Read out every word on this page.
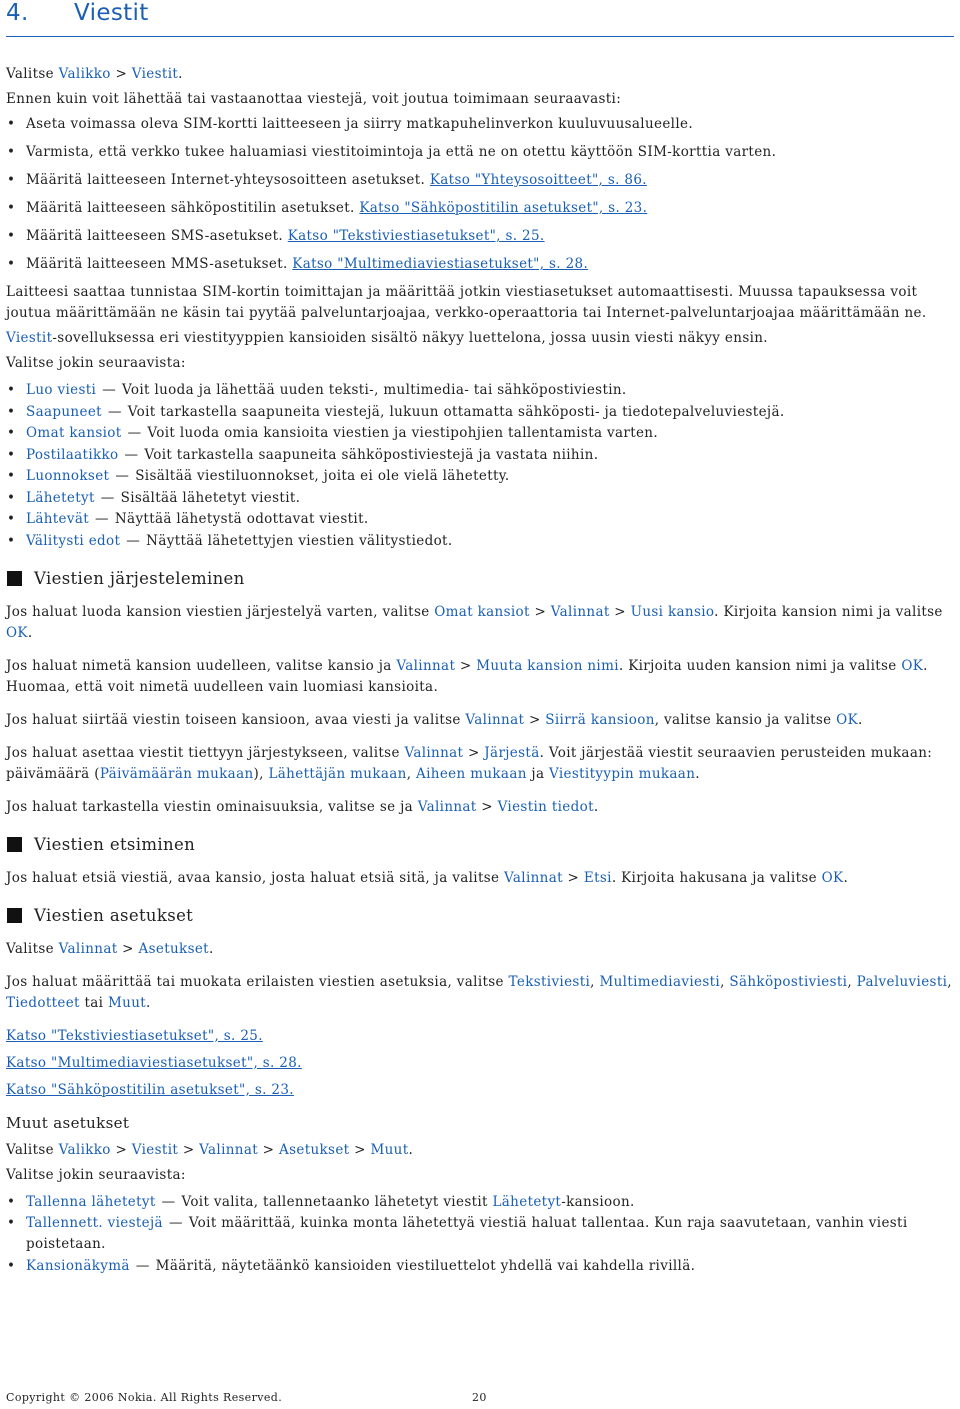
4. Viestit

Valitse Valikko > Viestit.

Ennen kuin voit lähettää tai vastaanottaa viestejä, voit joutua toimimaan seuraavasti:

• Aseta voimassa oleva SIM-kortti laitteeseen ja siirry matkapuhelinverkon kuuluvuusalueelle.
• Varmista, että verkko tukee haluamiasi viestitoimintoja ja että ne on otettu käyttöön SIM-korttia varten.
• Määritä laitteeseen Internet-yhteysosoitteen asetukset. Katso "Yhteysosoitteet", s. 86.
• Määritä laitteeseen sähköpostitilin asetukset. Katso "Sähköpostitilin asetukset", s. 23.
• Määritä laitteeseen SMS-asetukset. Katso "Tekstiviestiasetukset", s. 25.
• Määritä laitteeseen MMS-asetukset. Katso "Multimediaviestiasetukset", s. 28.

Laitteesi saattaa tunnistaa SIM-kortin toimittajan ja määrittää jotkin viestiasetukset automaattisesti. Muussa tapauksessa voit joutua määrittämään ne käsin tai pyytää palveluntarjoajaa, verkko-operaattoria tai Internet-palveluntarjoajaa määrittämään ne.

Viestit-sovelluksessa eri viestityyppien kansioiden sisältö näkyy luettelona, jossa uusin viesti näkyy ensin.

Valitse jokin seuraavista:

• Luo viesti — Voit luoda ja lähettää uuden teksti-, multimedia- tai sähköpostiviestin.
• Saapuneet — Voit tarkastella saapuneita viestejä, lukuun ottamatta sähköposti- ja tiedotepalveluviestejä.
• Omat kansiot — Voit luoda omia kansioita viestien ja viestipohjien tallentamista varten.
• Postilaatikko — Voit tarkastella saapuneita sähköpostiviestejä ja vastata niihin.
• Luonnokset — Sisältää viestiluonnokset, joita ei ole vielä lähetetty.
• Lähetetyt — Sisältää lähetetyt viestit.
• Lähtevät — Näyttää lähetystä odottavat viestit.
• Välitysti edot — Näyttää lähetettyjen viestien välitystiedot.
Viestien järjesteleminen

Jos haluat luoda kansion viestien järjestelyä varten, valitse Omat kansiot > Valinnat > Uusi kansio. Kirjoita kansion nimi ja valitse OK.

Jos haluat nimetä kansion uudelleen, valitse kansio ja Valinnat > Muuta kansion nimi. Kirjoita uuden kansion nimi ja valitse OK. Huomaa, että voit nimetä uudelleen vain luomiasi kansioita.

Jos haluat siirtää viestin toiseen kansioon, avaa viesti ja valitse Valinnat > Siirrä kansioon, valitse kansio ja valitse OK.

Jos haluat asettaa viestit tiettyyn järjestykseen, valitse Valinnat > Järjestä. Voit järjestää viestit seuraavien perusteiden mukaan: päivämäärä (Päivämäärän mukaan), Lähettäjän mukaan, Aiheen mukaan ja Viestityypin mukaan.

Jos haluat tarkastella viestin ominaisuuksia, valitse se ja Valinnat > Viestin tiedot.

Viestien etsiminen

Jos haluat etsiä viestiä, avaa kansio, josta haluat etsiä sitä, ja valitse Valinnat > Etsi. Kirjoita hakusana ja valitse OK.

Viestien asetukset

Valitse Valinnat > Asetukset.

Jos haluat määrittää tai muokata erilaisten viestien asetuksia, valitse Tekstiviesti, Multimediaviesti, Sähköpostiviesti, Palveluviesti, Tiedotteet tai Muut.

Katso "Tekstiviestiasetukset", s. 25.

Katso "Multimediaviestiasetukset", s. 28.

Katso "Sähköpostitilin asetukset", s. 23.

Muut asetukset

Valitse Valikko > Viestit > Valinnat > Asetukset > Muut.

Valitse jokin seuraavista:

• Tallenna lähetetyt — Voit valita, tallennetaanko lähetetyt viestit Lähetetyt-kansioon.
• Tallennett. viestejä — Voit määrittää, kuinka monta lähetettyä viestiä haluat tallentaa. Kun raja saavutetaan, vanhin viesti poistetaan.
• Kansionäkymä — Määritä, näytetäänkö kansioiden viestiluettelot yhdellä vai kahdella rivillä.
Copyright © 2006 Nokia. All Rights Reserved.	20
